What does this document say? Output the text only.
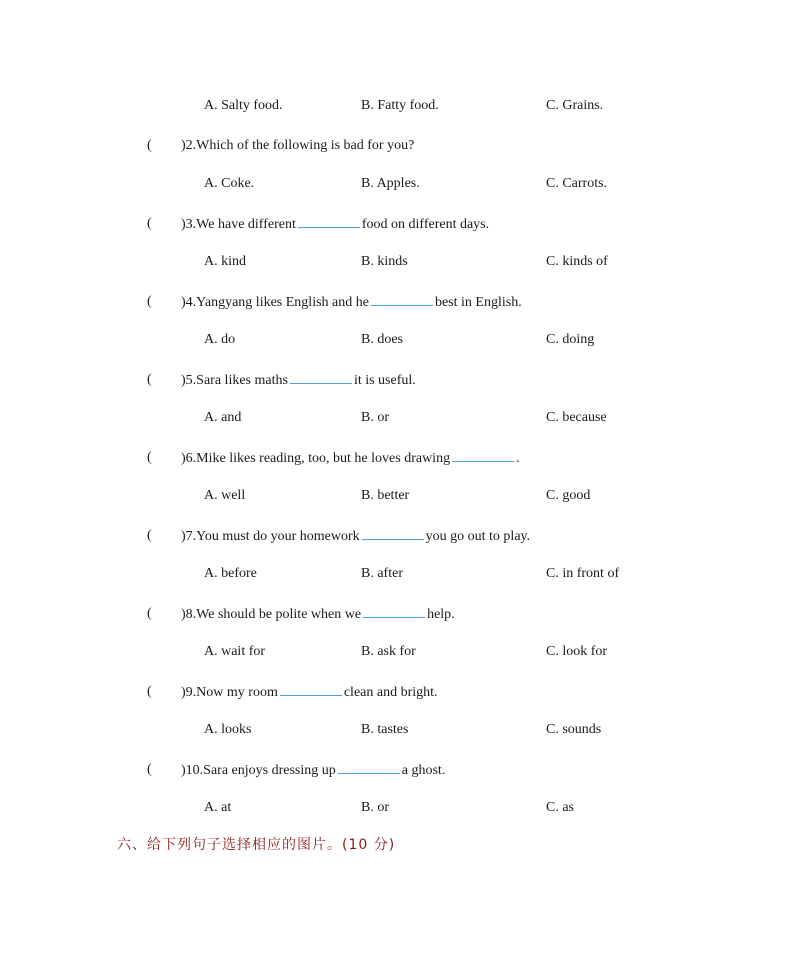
A. Salty food.	B. Fatty food.	C. Grains.
( )2.Which of the following is bad for you?
A. Coke.	B. Apples.	C. Carrots.
( )3.We have different	food on different days.
A. kind	B. kinds	C. kinds of
( )4.Yangyang likes English and he	best in English.
A. do	B. does	C. doing
( )5.Sara likes maths	it is useful.
A. and	B. or	C. because
( )6.Mike likes reading, too, but he loves drawing	.
A. well	B. better	C. good
( )7.You must do your homework	you go out to play.
A. before	B. after	C. in front of
( )8.We should be polite when we	help.
A. wait for	B. ask for	C. look for
( )9.Now my room	clean and bright.
A. looks	B. tastes	C. sounds
( )10.Sara enjoys dressing up	a ghost.
A. at	B. or	C. as
六、给下列句子选择相应的图片。(10 分)
